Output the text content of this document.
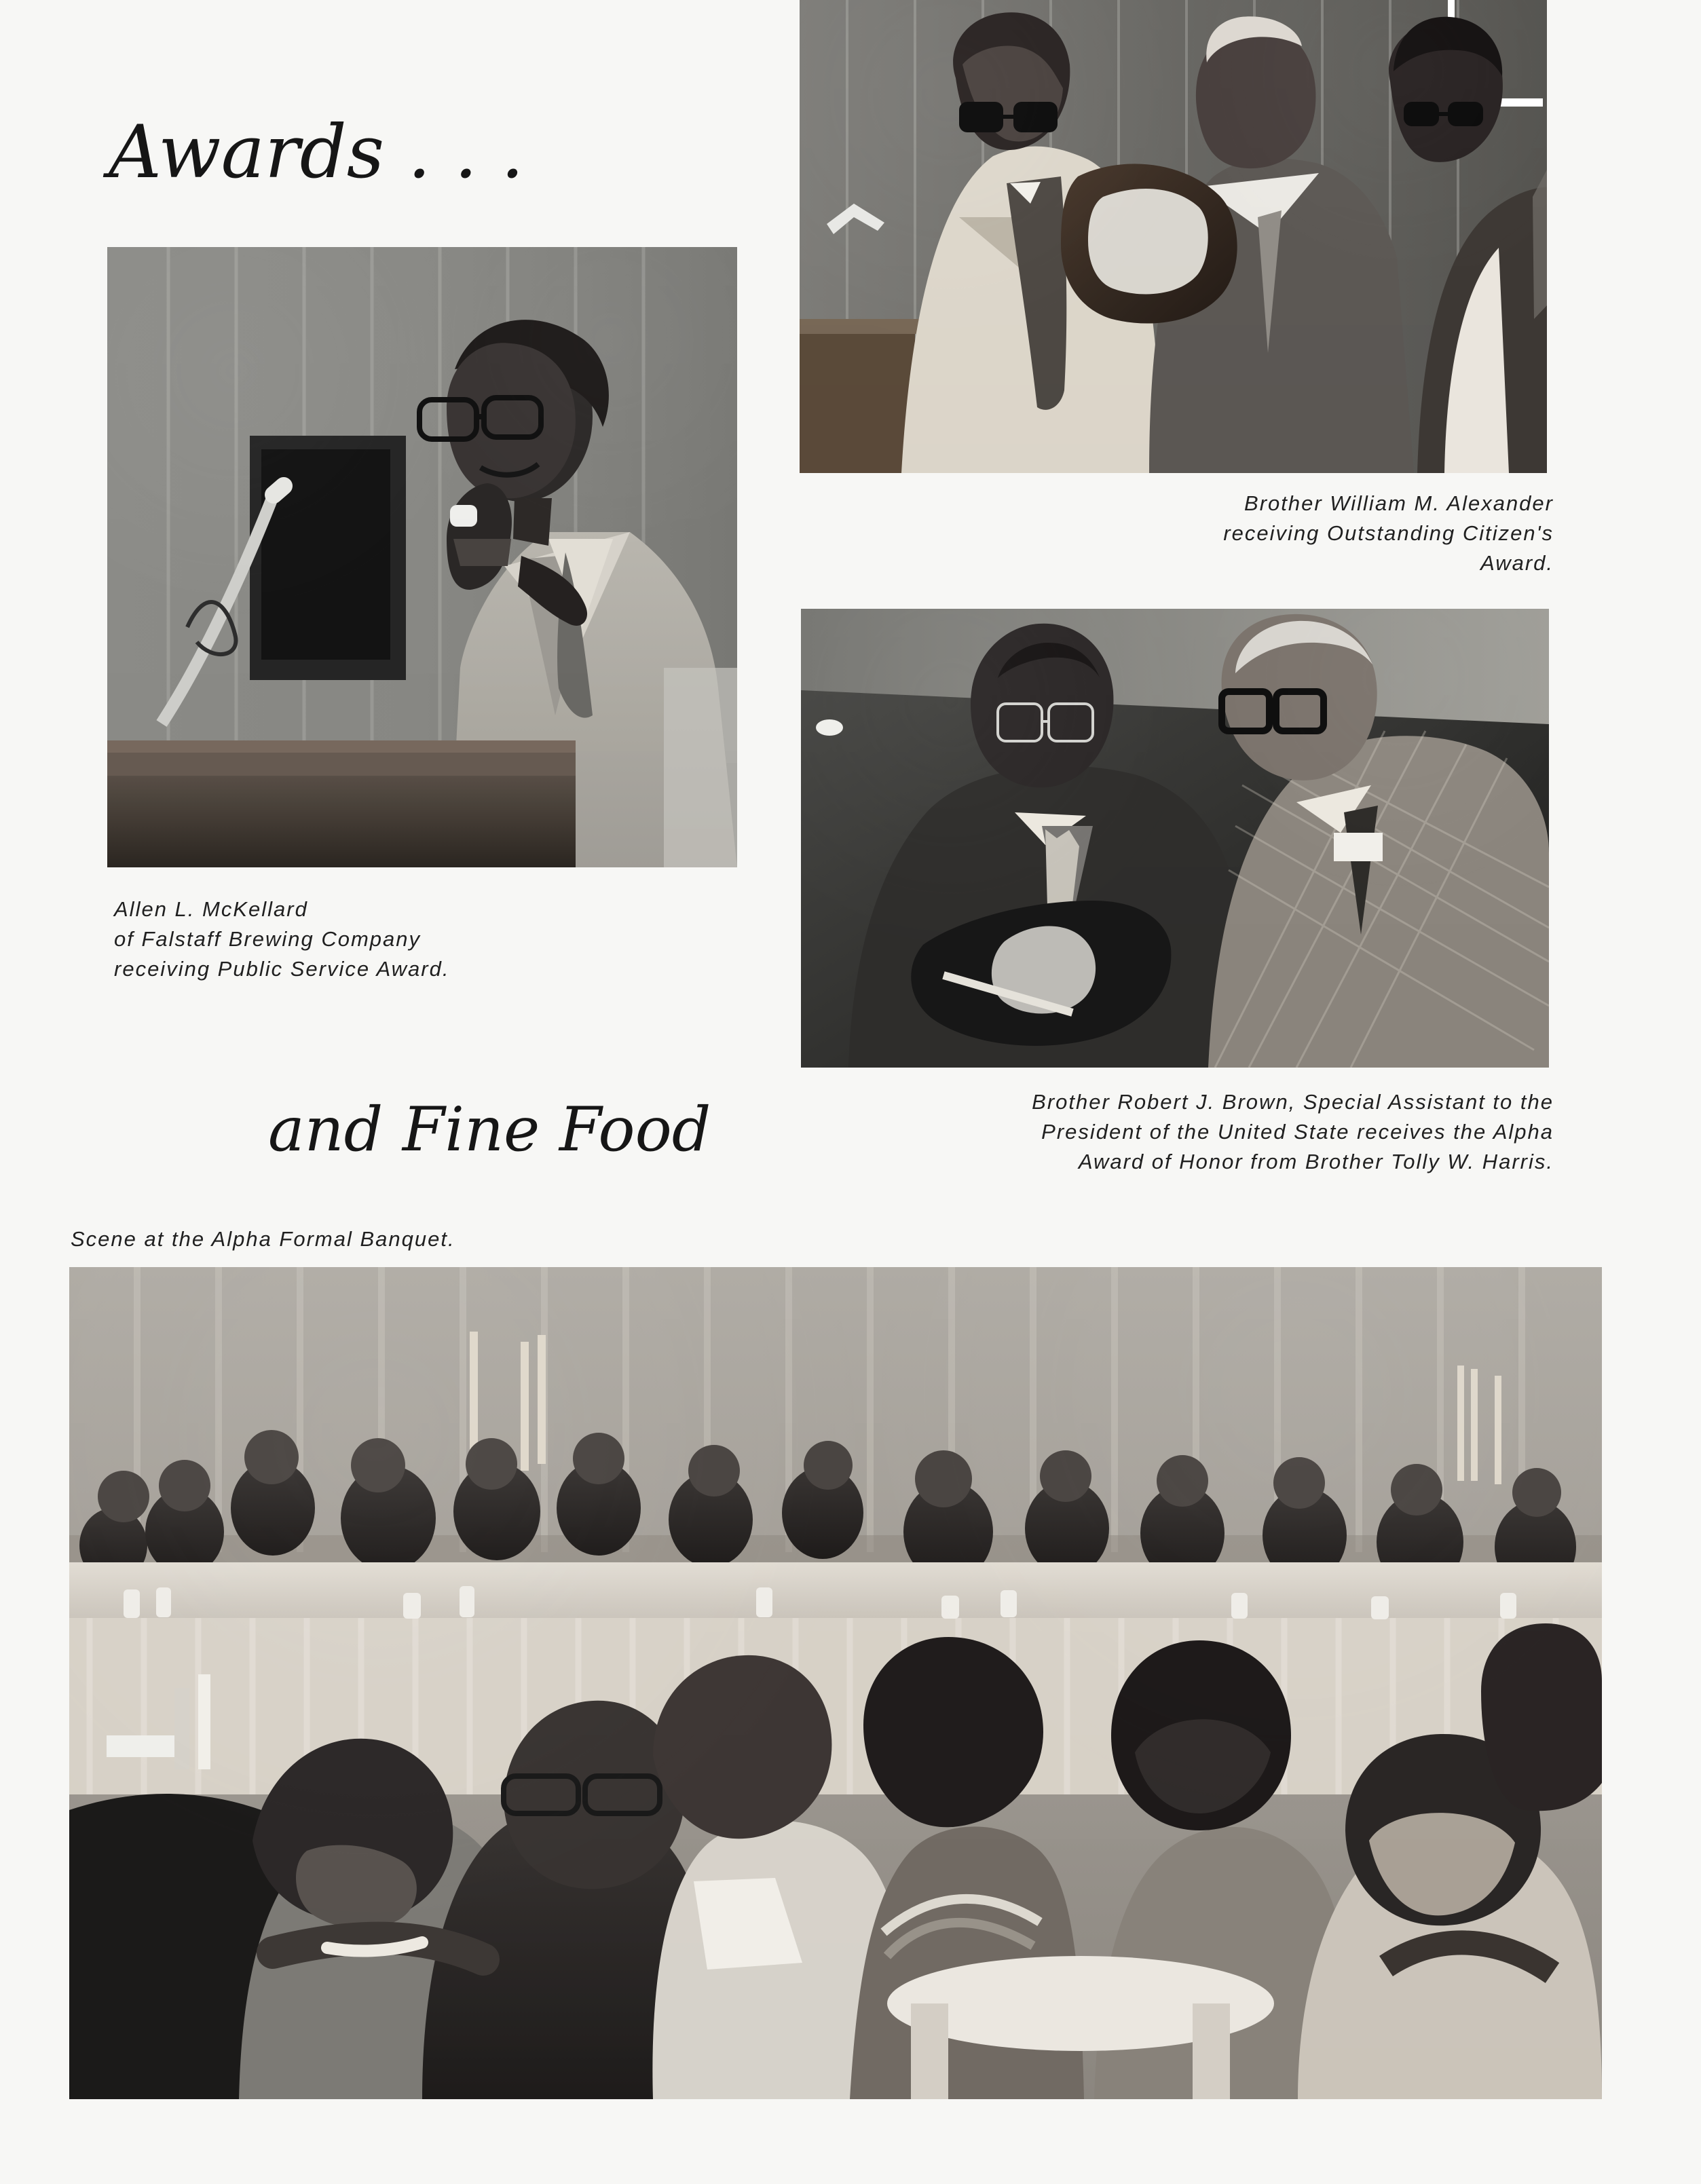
Awards . . .
Brother William M. Alexander
receiving Outstanding Citizen's
Award.
Allen L. McKellard
of Falstaff Brewing Company
receiving Public Service Award.
and Fine Food	Brother Robert J. Brown, Special Assistant to the
President of the United State receives the Alpha
Award of Honor from Brother Tolly W. Harris.
Scene at the Alpha Formal Banquet.
